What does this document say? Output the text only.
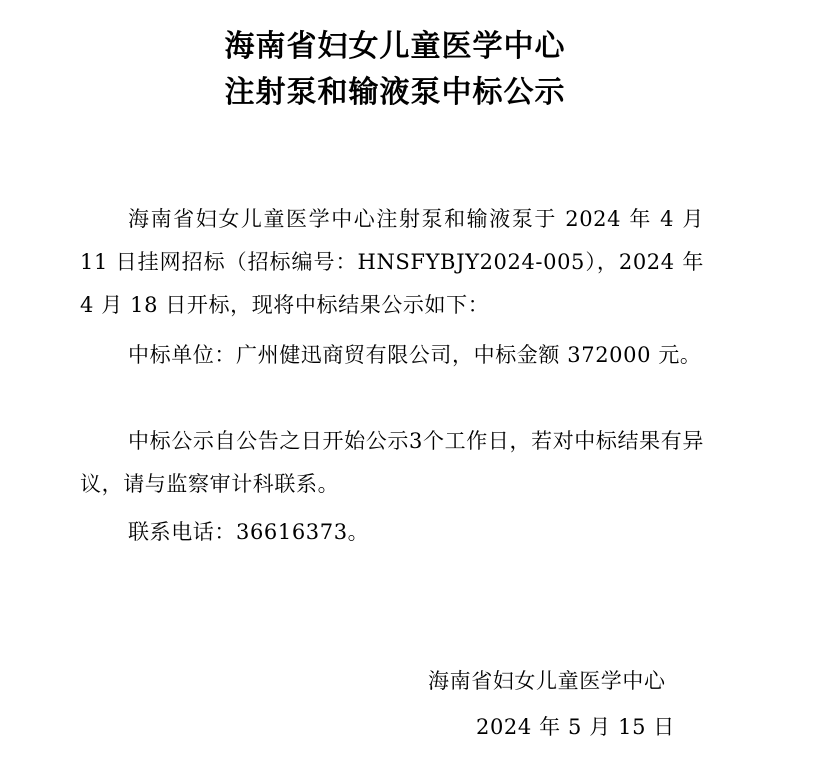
海南省妇女儿童医学中心
注射泵和输液泵中标公示

海南省妇女儿童医学中心注射泵和输液泵于 2024 年 4 月 11 日挂网招标（招标编号：HNSFYBJY2024-005），2024 年 4 月 18 日开标，现将中标结果公示如下：

中标单位：广州健迅商贸有限公司，中标金额 372000 元。

中标公示自公告之日开始公示3个工作日，若对中标结果有异议，请与监察审计科联系。

联系电话：36616373。

海南省妇女儿童医学中心

2024 年 5 月 15 日
